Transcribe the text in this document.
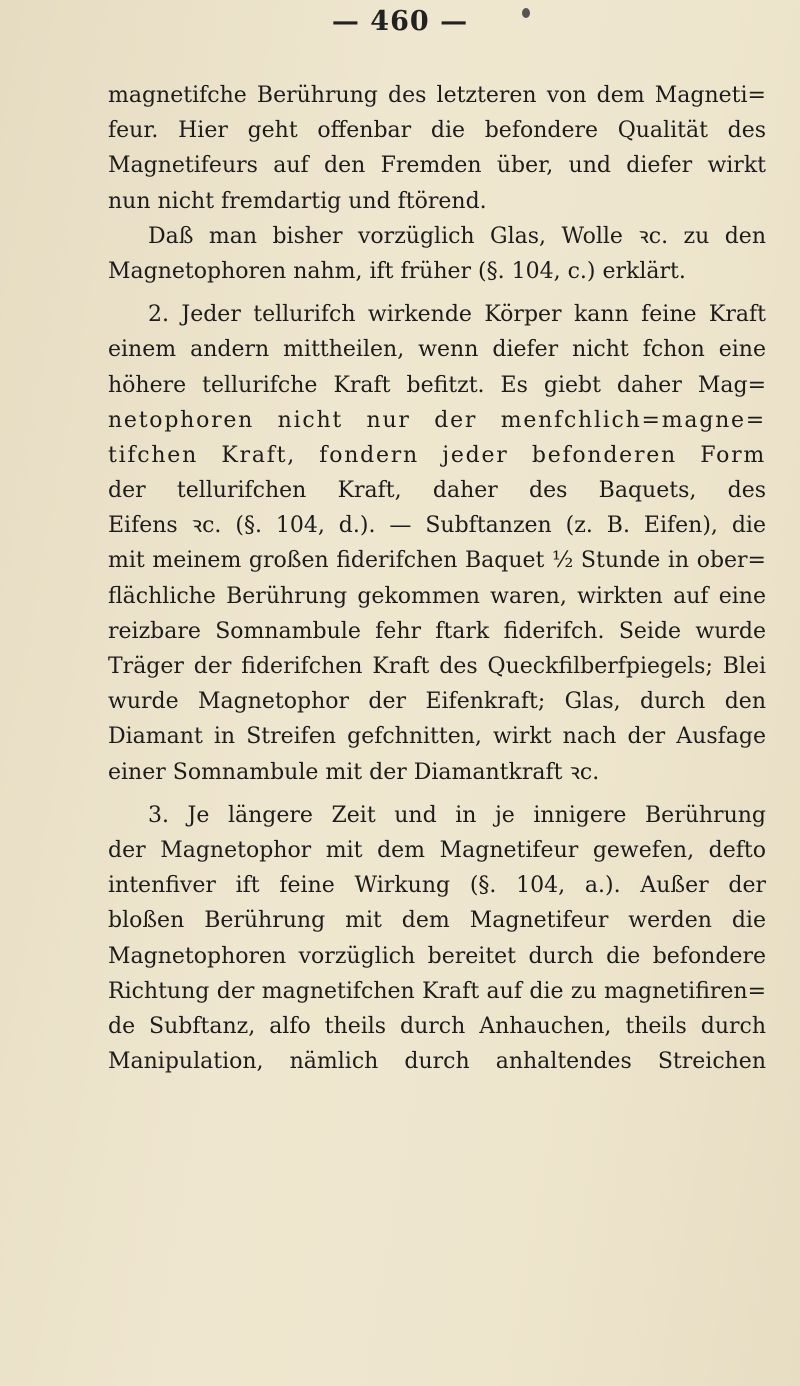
— 460 —
magnetifche Berührung des letzteren von dem Magneti=
feur. Hier geht offenbar die befondere Qualität des
Magnetifeurs auf den Fremden über, und diefer wirkt
nun nicht fremdartig und ftörend.
Daß man bisher vorzüglich Glas, Wolle ꝛc. zu den
Magnetophoren nahm, ift früher (§. 104, c.) erklärt.
2. Jeder tellurifch wirkende Körper kann feine Kraft
einem andern mittheilen, wenn diefer nicht fchon eine
höhere tellurifche Kraft befitzt. Es giebt daher Mag=
netophoren nicht nur der menfchlich=magne=
tifchen Kraft, fondern jeder befonderen Form
der tellurifchen Kraft, daher des Baquets, des
Eifens ꝛc. (§. 104, d.). — Subftanzen (z. B. Eifen), die
mit meinem großen fiderifchen Baquet ½ Stunde in ober=
flächliche Berührung gekommen waren, wirkten auf eine
reizbare Somnambule fehr ftark fiderifch. Seide wurde
Träger der fiderifchen Kraft des Queckfilberfpiegels; Blei
wurde Magnetophor der Eifenkraft; Glas, durch den
Diamant in Streifen gefchnitten, wirkt nach der Ausfage
einer Somnambule mit der Diamantkraft ꝛc.
3. Je längere Zeit und in je innigere Berührung
der Magnetophor mit dem Magnetifeur gewefen, defto
intenfiver ift feine Wirkung (§. 104, a.). Außer der
bloßen Berührung mit dem Magnetifeur werden die
Magnetophoren vorzüglich bereitet durch die befondere
Richtung der magnetifchen Kraft auf die zu magnetifiren=
de Subftanz, alfo theils durch Anhauchen, theils durch
Manipulation, nämlich durch anhaltendes Streichen
